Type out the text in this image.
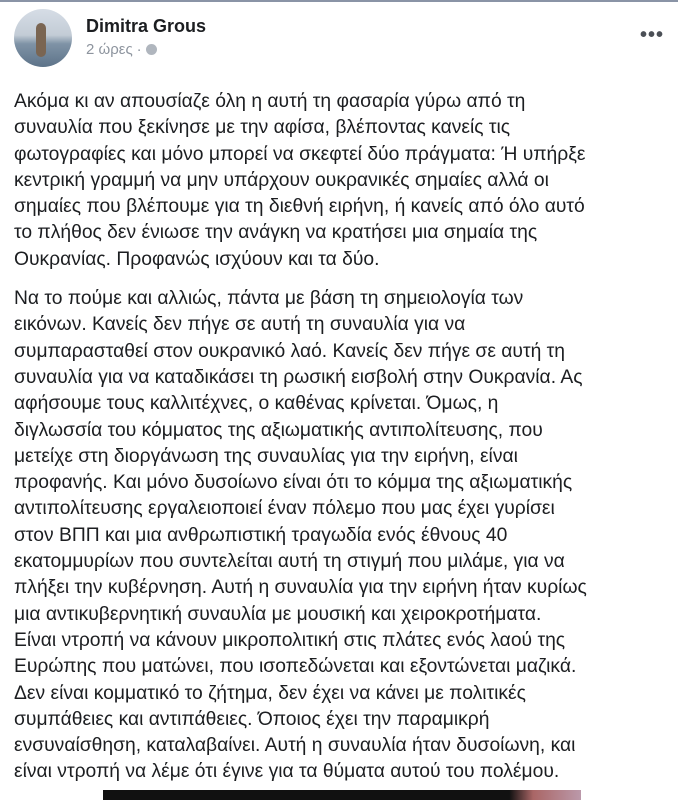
Dimitra Grous
2 ώρες ·
•••
Ακόμα κι αν απουσίαζε όλη η αυτή τη φασαρία γύρω από τη
συναυλία που ξεκίνησε με την αφίσα, βλέποντας κανείς τις
φωτογραφίες και μόνο μπορεί να σκεφτεί δύο πράγματα: Ή υπήρξε
κεντρική γραμμή να μην υπάρχουν ουκρανικές σημαίες αλλά οι
σημαίες που βλέπουμε για τη διεθνή ειρήνη, ή κανείς από όλο αυτό
το πλήθος δεν ένιωσε την ανάγκη να κρατήσει μια σημαία της
Ουκρανίας. Προφανώς ισχύουν και τα δύο.
Να το πούμε και αλλιώς, πάντα με βάση τη σημειολογία των
εικόνων. Κανείς δεν πήγε σε αυτή τη συναυλία για να
συμπαρασταθεί στον ουκρανικό λαό. Κανείς δεν πήγε σε αυτή τη
συναυλία για να καταδικάσει τη ρωσική εισβολή στην Ουκρανία. Ας
αφήσουμε τους καλλιτέχνες, ο καθένας κρίνεται. Όμως, η
διγλωσσία του κόμματος της αξιωματικής αντιπολίτευσης, που
μετείχε στη διοργάνωση της συναυλίας για την ειρήνη, είναι
προφανής. Και μόνο δυσοίωνο είναι ότι το κόμμα της αξιωματικής
αντιπολίτευσης εργαλειοποιεί έναν πόλεμο που μας έχει γυρίσει
στον ΒΠΠ και μια ανθρωπιστική τραγωδία ενός έθνους 40
εκατομμυρίων που συντελείται αυτή τη στιγμή που μιλάμε, για να
πλήξει την κυβέρνηση. Αυτή η συναυλία για την ειρήνη ήταν κυρίως
μια αντικυβερνητική συναυλία με μουσική και χειροκροτήματα.
Είναι ντροπή να κάνουν μικροπολιτική στις πλάτες ενός λαού της
Ευρώπης που ματώνει, που ισοπεδώνεται και εξοντώνεται μαζικά.
Δεν είναι κομματικό το ζήτημα, δεν έχει να κάνει με πολιτικές
συμπάθειες και αντιπάθειες. Όποιος έχει την παραμικρή
ενσυναίσθηση, καταλαβαίνει. Αυτή η συναυλία ήταν δυσοίωνη, και
είναι ντροπή να λέμε ότι έγινε για τα θύματα αυτού του πολέμου.
